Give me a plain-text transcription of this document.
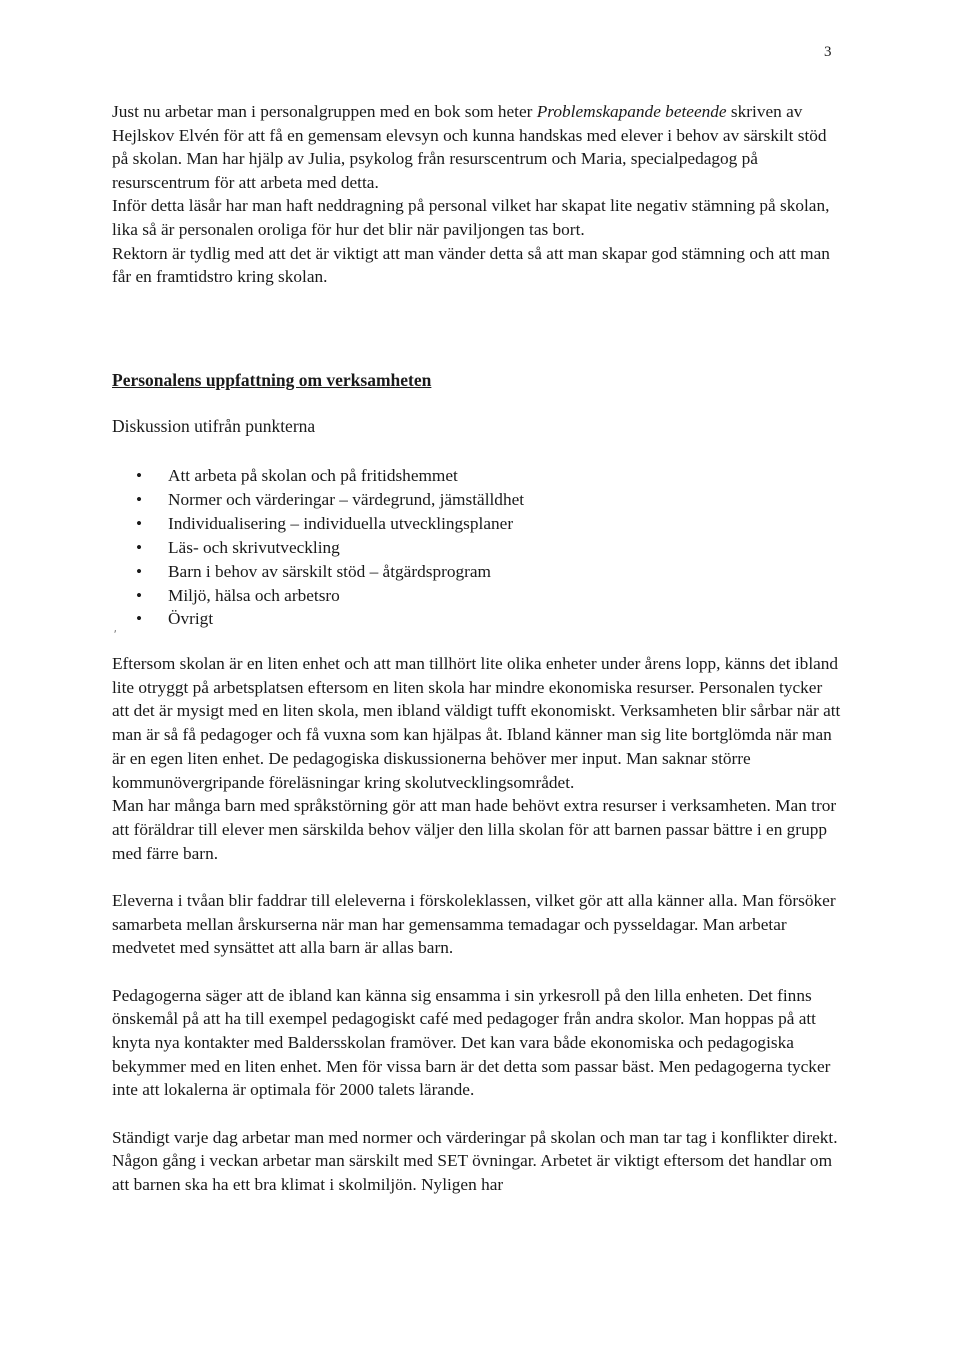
3

Just nu arbetar man i personalgruppen med en bok som heter Problemskapande beteende skriven av Hejlskov Elvén för att få en gemensam elevsyn och kunna handskas med elever i behov av särskilt stöd på skolan. Man har hjälp av Julia, psykolog från resurscentrum och Maria, specialpedagog på resurscentrum för att arbeta med detta.

Inför detta läsår har man haft neddragning på personal vilket har skapat lite negativ stämning på skolan, lika så är personalen oroliga för hur det blir när paviljongen tas bort.

Rektorn är tydlig med att det är viktigt att man vänder detta så att man skapar god stämning och att man får en framtidstro kring skolan.

Personalens uppfattning om verksamheten
Diskussion utifrån punkterna
• Att arbeta på skolan och på fritidshemmet
• Normer och värderingar – värdegrund, jämställdhet
• Individualisering – individuella utvecklingsplaner
• Läs- och skrivutveckling
• Barn i behov av särskilt stöd – åtgärdsprogram
• Miljö, hälsa och arbetsro
• Övrigt
ʹ

Eftersom skolan är en liten enhet och att man tillhört lite olika enheter under årens lopp, känns det ibland lite otryggt på arbetsplatsen eftersom en liten skola har mindre ekonomiska resurser. Personalen tycker att det är mysigt med en liten skola, men ibland väldigt tufft ekonomiskt. Verksamheten blir sårbar när att man är så få pedagoger och få vuxna som kan hjälpas åt. Ibland känner man sig lite bortglömda när man är en egen liten enhet. De pedagogiska diskussionerna behöver mer input. Man saknar större kommunövergripande föreläsningar kring skolutvecklingsområdet.

Man har många barn med språkstörning gör att man hade behövt extra resurser i verksamheten. Man tror att föräldrar till elever men särskilda behov väljer den lilla skolan för att barnen passar bättre i en grupp med färre barn.

Eleverna i tvåan blir faddrar till eleleverna i förskoleklassen, vilket gör att alla känner alla. Man försöker samarbeta mellan årskurserna när man har gemensamma temadagar och pysseldagar. Man arbetar medvetet med synsättet att alla barn är allas barn.

Pedagogerna säger att de ibland kan känna sig ensamma i sin yrkesroll på den lilla enheten. Det finns önskemål på att ha till exempel pedagogiskt café med pedagoger från andra skolor. Man hoppas på att knyta nya kontakter med Baldersskolan framöver. Det kan vara både ekonomiska och pedagogiska bekymmer med en liten enhet. Men för vissa barn är det detta som passar bäst. Men pedagogerna tycker inte att lokalerna är optimala för 2000 talets lärande.

Ständigt varje dag arbetar man med normer och värderingar på skolan och man tar tag i konflikter direkt. Någon gång i veckan arbetar man särskilt med SET övningar. Arbetet är viktigt eftersom det handlar om att barnen ska ha ett bra klimat i skolmiljön. Nyligen har
